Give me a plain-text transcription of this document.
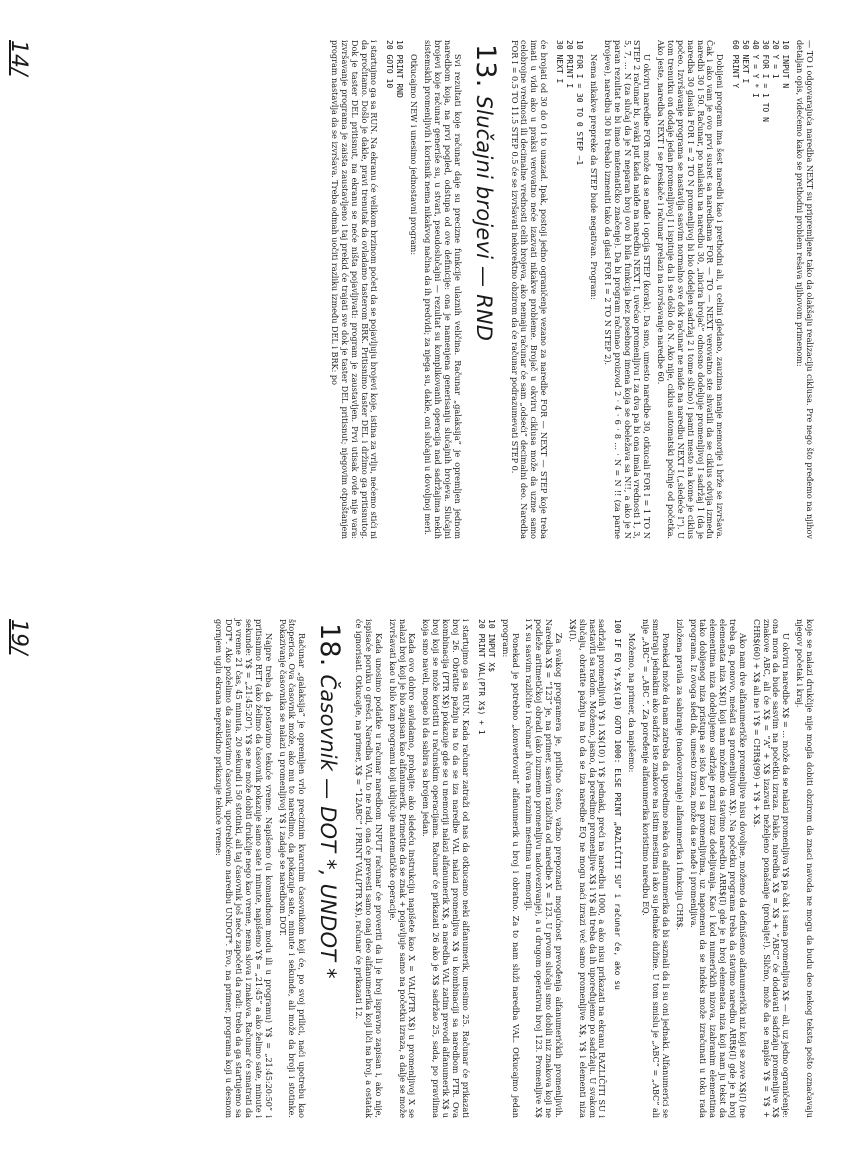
— TO i odgovarajuća naredba NEXT su pripremljene tako da olakšaju realizaciju ciklusa. Pre nego što pređemo na njihov detaljan opis, videćemo kako se prethodni problem rešava njihovom primenom:

10 INPUT N
20 Y = 1
30 FOR I = 1 TO N
40 Y = Y * I
50 NEXT I
60 PRINT Y

Dobijeni program ima šest naredbi kao i prethodni ali, u celini gledano, zauzima manje memorije i brže se izvršava. Čak i ako vam je ovo prvi susret sa naredbama FOR — TO — NEXT verovatno ste shvatili da se ciklus odvija između naredbi 30 i 50. Računar, po nailasku na naredbu 30, „inicira brojač” odnosno dodeljuje promenljivoj I sadržaj 1 (da je naredba 30 glasila FOR I = 2 TO N promenljivoj bi bio dodeljen sadržaj 2 i tome slično) i pamti mesto na kome je ciklus počeo. Izvršavanje programa se nastavlja sasvim normalno sve dok računar ne naiđe na naredbu NEXT I („sledeće I”). U tom trenutku on dodaje jedan promenljivoj I i ispituje da li se došlo do N. Ako nije, ciklus automatski počinje od početka. Ako jeste, naredba NEXT I se preskače i računar prelazi na izvršavanje naredbe 60.

U okviru naredbe FOR može da se nađe i opcija STEP (korak). Da smo, umesto naredbe 30, otkucali FOR I = 1 TO N STEP 2 računar bi, svaki put kada naiđe na naredbu NEXT I, uvećao promenljivu I za dva pa bi ona imala vrednosti 1, 3, 5, 7, ... N (za slučaj da je N neparan broj ovo bi bila funkcija bez posebnog imena koja se obeležava sa N!!, a ako je N paran rezultat ne bi imao matematičko značenje). Da bi program računao proizvod 2 · 4 · 6 · 8 ... · N = N !! (za parne brojeve), naredbu 30 bi trebalo izmeniti tako da glasi FOR I = 2 TO N STEP 2).

Nema nikakve prepreke da STEP bude negativan. Program:

10 FOR I = 30 TO 0 STEP —1
20 PRINT I
30 NEXT I

će brojati od 30 do 0 i to unazad. Ipak, postoji jedno ograničenje vezano za naredbe FOR — NEXT — STEP koje treba imati u vidu ako u praksi verovatno neće izazvati nikakve probleme. Brojač u okviru ciklusa može da uzme samo celobrojne vrednosti ili decimalne vrednosti celih brojeva, ako nemaju računar će sam „odseći” decimalni deo. Naredba FOR I = 0.5 TO 11.5 STEP 0.5 će se izvršavati nekorektno obzirom da će računar podrazumevati STEP 0.

13.Slučajni brojevi — RND

Svi rezultati koje računar daje su precizne funkcije ulaznih veličina. Računar „galaksija” je opremljen jednom naredbom koja, na prvi pogled, odstupa od ove definicije: ona je namenjena generisanju slučajnih brojeva. Slučajni brojevi koje računar generiše su, u stvari, pseudoslučajni — rezultat su komplikovanih operacija nad sadržajima nekih sistemskih promenljivih i korisnik nema nikakvog načina da ih predvidi; za njega su, dakle, oni slučajni u dovoljnoj meri.

Otkucajmo NEW i unesimo jednostavni program:

10 PRINT RND
20 GOTO 10

i startujmo ga sa RUN. Na ekranu će velikom brzinom početi da se pojavljuju brojevi koje, istina za vrlju, nećemo stići ni da pročitamo. Došlo je dakle, pravi trenutak da ovladamo tasterom BRK. Pritisnimo taster DEL i držimo ga pritisnutog. Dok je taster DEL pritisnut, na ekranu se neće ništa pojavljivati: program je zaustavljen. Prvi utisak ovde nije vara: izvršavanje programa je zaista zaustavljeno i taj prekid će trajati sve dok je taster DEL pritisnut; njegovim otpuštanjem program nastavlja da se izvršava. Treba odmah uočiti razliku između DEL i BRK: po

14/

koje se nalazi drukčije nije mogla dobiti obzirom da znaci navoda ne mogu da budu deo nekog teksta pošto označavaju njegov početak i kraj.

U okviru naredbe X$ = ... može da se nalazi promenljiva Y$ pa čak i sama promenljiva X$ — ali, uz jedno ograničenje: ona mora da bude sasvim na početku izraza. Dakle, naredba X$ = X$ + ”ABC” će dodavati sadržaju promenljive X$ znakove ABC, ali će X$ = ”A” + X$ izazvati neželjeno ponašanje (probajte!). Slično, može da se napiše Y$ = Y$ + CHR$(60) + X$ ali ne i Y$ = CHR$(99) + Y$ + X$.

Ako nam dve alfanumeričke promenljive nisu dovoljne, možemo da definišemo alfanumerički niz koji se zove X$(I) (ne treba ga, ponovo, mešati sa promenljivom X$). Na početku programa treba da stavimo naredbu ARR$(I) gde je n broj elemenata niza X$(I) koji nam možemo da stavimo naredbu ARR$(I) gde je n broj elemenata niza koji nam ju tekst da elementima niza dodeljujemo sadržaje prazni izraz dodeljivanja. Kao i kod numeričkih nizova, izabranim elementima tako dobijenog niza pristupa se isto kao i sa promenljivima, uz napomenu da se indeks može izračunati u toku rada programa. Iz ovoga sledi da, umesto izraza, može da se nađe i promenljiva.

izložena pravila za sabiranje (nadovezivanje) alfanumerika i funkciju CHR$.

Ponekad može da nam zatreba da uporedimo neka dva alfanumerika da bi saznali da li su oni jednaki. Alfanumerici se smatraju jednakim ako sadrže iste znakove na istim mestima i ako su jednake dužine. U tom smislu je „ABC” = „ABC” ali nije „ABC” = „ABC ”. Za poređenje alfanumerika koristimo naredbu EQ.

Možemo, na primer, da napišemo:

100 IF EQ Y$,X$(10) GOTO 1000: ELSE PRINT „RAZLIČITI SU” i računar će, ako su

sadržaji promenljivih Y$ i X$(10) i Y$ jednaki, preći na naredbu 1000, a ako nisu prikazati na ekranu RAZLIČITI SU i nastaviti sa radom. Možemo, jasno, da poredimo promenljive X$ i Y$ ali treba da ih upoređujemo po sadržaju. U svakom slučaju, obratite pažnju na to da se iza naredbe EQ ne mogu naći izrazi već samo promenljive X$, Y$ i elementi niza X$(I).

Za svakog programera je, prilično često, važno prepoznati mogućnost prevođenja alfanumeričkih promenljivih. Naredba X$ = ”123” je, na primer, sasvim različita od naredbe X = 123. U prvom slučaju smo dobili niz znakova koji ne podleže aritmetičkoj obradi (ako izuzmemo promenljivu nadovezivanje), a u drugom operativni broj 123. Promenljive X$ i X su sasvim različite i računar ih čuva na raznim mestima u memoriji.

Ponekad je potrebno „konvertovati” alfanumerik u broj i obratno. Za to nam služi naredba VAL. Otkucajmo jedan program:

10 INPUT X$
20 PRINT VAL(PTR X$) + 1

i startujmo ga sa RUN. Kada računar zatraži od nas da otkucamo neki alfanumerik, unesimo 25. Računar će prikazati broj 26. Obratite pažnju na to da se iza naredbe VAL nalazi promenljiva X$ u kombinaciji sa naredbom PTR. Ova kombinacija (PTR X$) pokazuje gde se u memoriji nalazi alfanumerik X$, a naredba VAL zatim prevodi alfanumerik X$ u broj koji se može koristiti u računskim operacijama. Računar će prikazati 26 ako je X$ sadržao 25, sada, po pravilima koja smo naveli, mogao bi da sabira sa brojem jedan.

Kada ovo dobro savladamo, probajte: ako sledeću instrukciju napišete kao X = VAL(PTR X$) u promenljivoj X se nalazi broj koji je bio zapisan kao alfanumerik. Primetite da se znak + pojavljuje samo na početku izraza, a dalje se može izvršavati kao u bilo kom programu koji uključuje matematičke operacije.

Kada unosimo podatke u računar naredbom INPUT računar će proveriti da li je broj ispravno zapisan i, ako nije, ispisaće poruku o grešci. Naredba VAL to ne radi, ona će prevesti samo onaj deo alfanumerika koji liči na broj, a ostatak će ignorisati. Otkucajte, na primer, X$ = ”12ABC” i PRINT VAL(PTR X$), računar će prikazati 12.

18.Časovnik — DOT *, UNDOT *

Računar „galaksija” je opremljen vrlo preciznim kvarcnim časovnikom koji će, po svoj prilici, naći upotrebu kao štoperica. Ova časovnik može, ako mu to naredimo, da pokazuje sate, minute i sekunde, ali može da broji i stotinke. Pokazivanje časovnika se nalazi u promenljivoj Y$ i zadaje se naredbom DOT.

Najpre treba da postavimo tekuće vreme. Napišemo (u komandnom modu ili u programu) Y$ = „21:45:20:50” i pritisnimo RET (ako želimo da časovnik pokazuje samo sate i minute, napišemo Y$ = „21:45” a ako želimo sate, minute i sekunde: Y$ = „21:45:20”). Y$ se ne može dobiti drukčije nego kao vreme, nema slova i znakova. Računar će smatrati da je vreme 21 čas, 45 minuta, 20 sekundi i 50 stotinki, ali taj časovnik još neće započeti da radi: treba da ga startujemo sa DOT*. Ako poželimo da zaustavimo časovnik, upotrebićemo naredbu UNDOT*. Evo, na primer, programa koji u desnom gornjem uglu ekrana neprekidno prikazuje tekuće vreme:

19/
